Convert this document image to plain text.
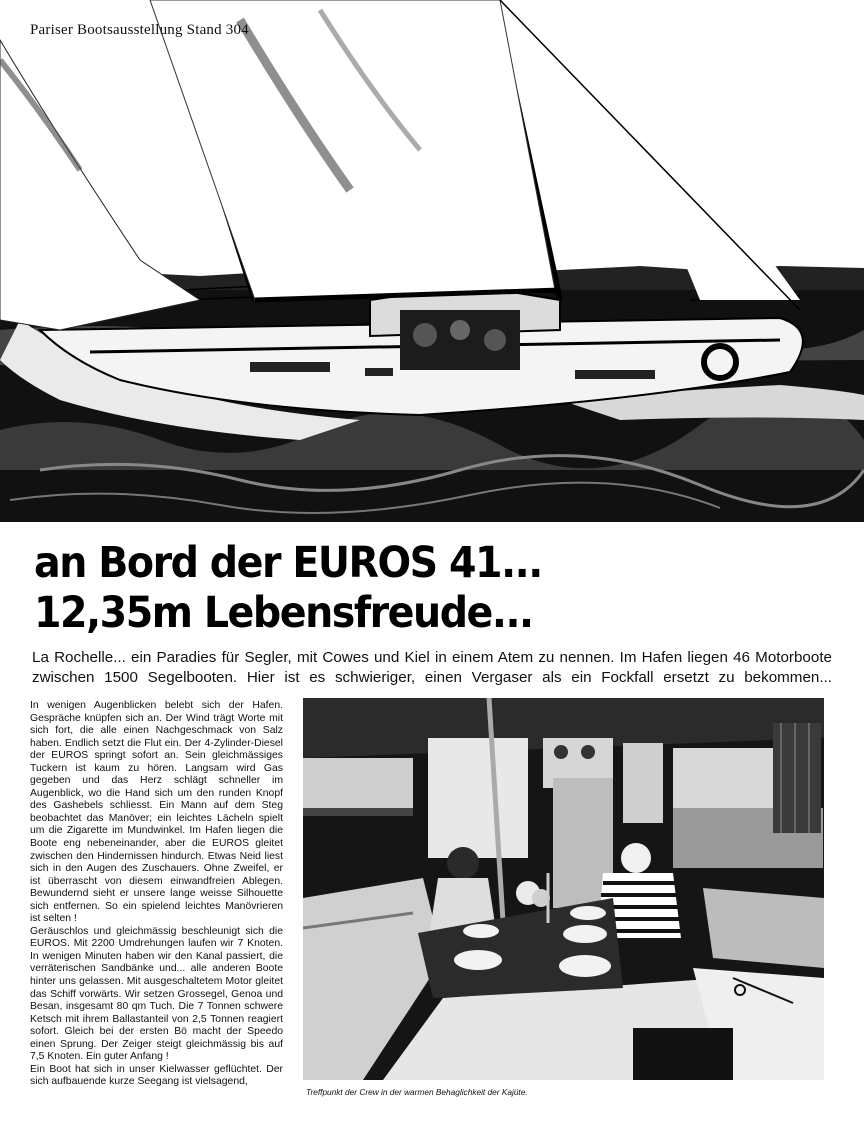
Pariser Bootsausstellung Stand 304
an Bord der EUROS 41...
12,35m Lebensfreude...

La Rochelle... ein Paradies für Segler, mit Cowes und Kiel in einem Atem zu nennen. Im Hafen liegen 46 Motorboote zwischen 1500 Segelbooten. Hier ist es schwieriger, einen Vergaser als ein Fockfall ersetzt zu bekommen...

In wenigen Augenblicken belebt sich der Hafen. Gespräche knüpfen sich an. Der Wind trägt Worte mit sich fort, die alle einen Nachgeschmack von Salz haben. Endlich setzt die Flut ein. Der 4-Zylinder-Diesel der EUROS springt sofort an. Sein gleichmässiges Tuckern ist kaum zu hören. Langsam wird Gas gegeben und das Herz schlägt schneller im Augenblick, wo die Hand sich um den runden Knopf des Gashebels schliesst. Ein Mann auf dem Steg beobachtet das Manöver; ein leichtes Lächeln spielt um die Zigarette im Mundwinkel. Im Hafen liegen die Boote eng nebeneinander, aber die EUROS gleitet zwischen den Hindernissen hindurch. Etwas Neid liest sich in den Augen des Zuschauers. Ohne Zweifel, er ist überrascht von diesem einwandfreien Ablegen. Bewundernd sieht er unsere lange weisse Silhouette sich entfernen. So ein spielend leichtes Manövrieren ist selten !

Geräuschlos und gleichmässig beschleunigt sich die EUROS. Mit 2200 Umdrehungen laufen wir 7 Knoten. In wenigen Minuten haben wir den Kanal passiert, die verräterischen Sandbänke und... alle anderen Boote hinter uns gelassen. Mit ausgeschaltetem Motor gleitet das Schiff vorwärts. Wir setzen Grossegel, Genoa und Besan, insgesamt 80 qm Tuch. Die 7 Tonnen schwere Ketsch mit ihrem Ballastanteil von 2,5 Tonnen reagiert sofort. Gleich bei der ersten Bö macht der Speedo einen Sprung. Der Zeiger steigt gleichmässig bis auf 7,5 Knoten. Ein guter Anfang !

Ein Boot hat sich in unser Kielwasser geflüchtet. Der sich aufbauende kurze Seegang ist vielsagend,

Treffpunkt der Crew in der warmen Behaglichkeit der Kajüte.
